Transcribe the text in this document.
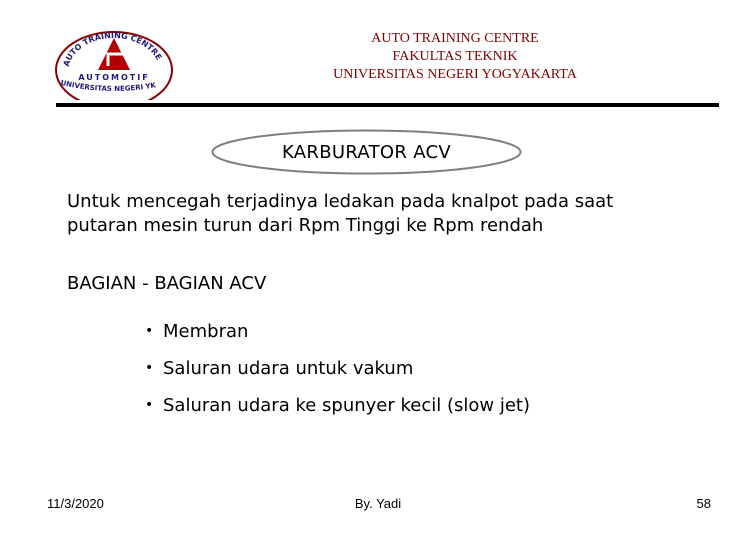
AUTO TRAINING CENTRE
AUTOMOTIF
UNIVERSITAS NEGERI YK
AUTO TRAINING CENTRE
FAKULTAS TEKNIK
UNIVERSITAS NEGERI YOGYAKARTA
KARBURATOR ACV
Untuk mencegah terjadinya ledakan pada knalpot pada saat
putaran mesin turun dari Rpm Tinggi ke Rpm rendah
BAGIAN - BAGIAN ACV
• Membran
• Saluran udara untuk vakum
• Saluran udara ke spunyer kecil (slow jet)
11/3/2020	By. Yadi	58
